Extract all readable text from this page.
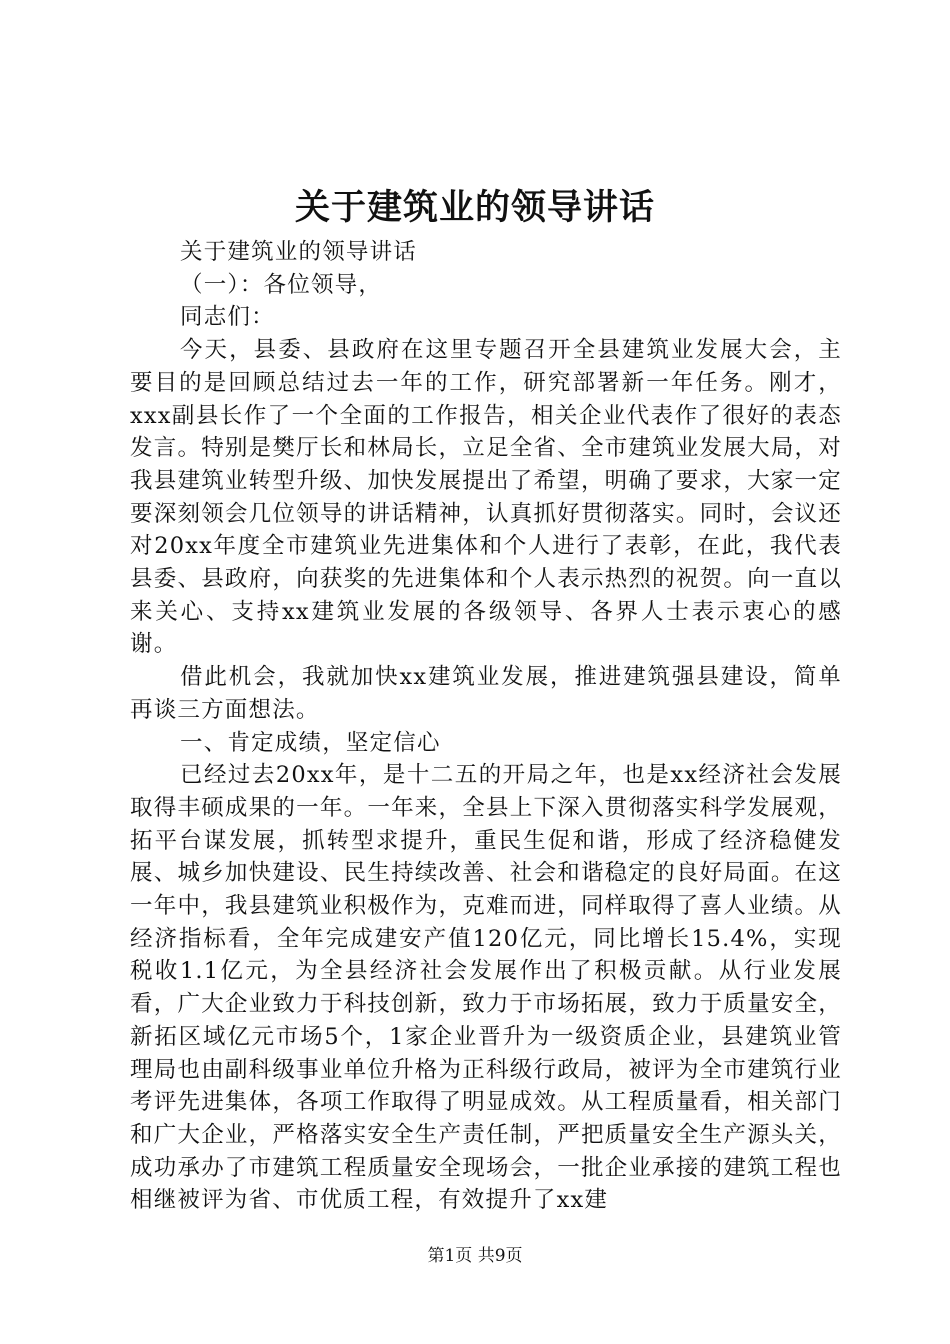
关于建筑业的领导讲话

关于建筑业的领导讲话

（一）：各位领导，

同志们：

今天，县委、县政府在这里专题召开全县建筑业发展大会，主要目的是回顾总结过去一年的工作，研究部署新一年任务。刚才，xxx副县长作了一个全面的工作报告，相关企业代表作了很好的表态发言。特别是樊厅长和林局长，立足全省、全市建筑业发展大局，对我县建筑业转型升级、加快发展提出了希望，明确了要求，大家一定要深刻领会几位领导的讲话精神，认真抓好贯彻落实。同时，会议还对20xx年度全市建筑业先进集体和个人进行了表彰，在此，我代表县委、县政府，向获奖的先进集体和个人表示热烈的祝贺。向一直以来关心、支持xx建筑业发展的各级领导、各界人士表示衷心的感谢。

借此机会，我就加快xx建筑业发展，推进建筑强县建设，简单再谈三方面想法。

一、肯定成绩，坚定信心

已经过去20xx年，是十二五的开局之年，也是xx经济社会发展取得丰硕成果的一年。一年来，全县上下深入贯彻落实科学发展观，拓平台谋发展，抓转型求提升，重民生促和谐，形成了经济稳健发展、城乡加快建设、民生持续改善、社会和谐稳定的良好局面。在这一年中，我县建筑业积极作为，克难而进，同样取得了喜人业绩。从经济指标看，全年完成建安产值120亿元，同比增长15.4%，实现税收1.1亿元，为全县经济社会发展作出了积极贡献。从行业发展看，广大企业致力于科技创新，致力于市场拓展，致力于质量安全，新拓区域亿元市场5个，1家企业晋升为一级资质企业，县建筑业管理局也由副科级事业单位升格为正科级行政局，被评为全市建筑行业考评先进集体，各项工作取得了明显成效。从工程质量看，相关部门和广大企业，严格落实安全生产责任制，严把质量安全生产源头关，成功承办了市建筑工程质量安全现场会，一批企业承接的建筑工程也相继被评为省、市优质工程，有效提升了xx建

第1页 共9页
